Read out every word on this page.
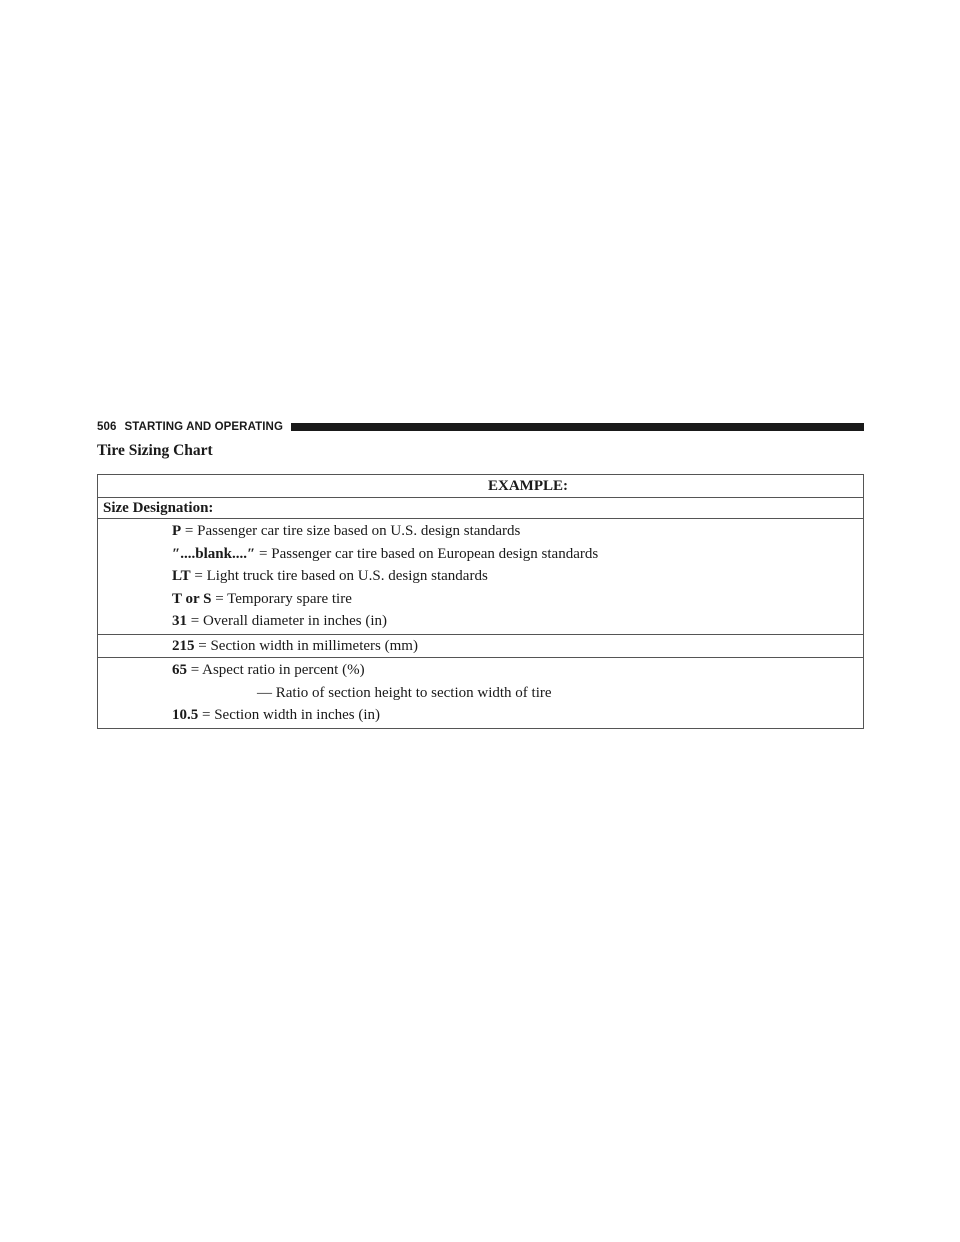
506 STARTING AND OPERATING
Tire Sizing Chart
EXAMPLE:
Size Designation:

P = Passenger car tire size based on U.S. design standards
″....blank....″ = Passenger car tire based on European design standards
LT = Light truck tire based on U.S. design standards
T or S = Temporary spare tire
31 = Overall diameter in inches (in)

215 = Section width in millimeters (mm)

65 = Aspect ratio in percent (%)
— Ratio of section height to section width of tire
10.5 = Section width in inches (in)
